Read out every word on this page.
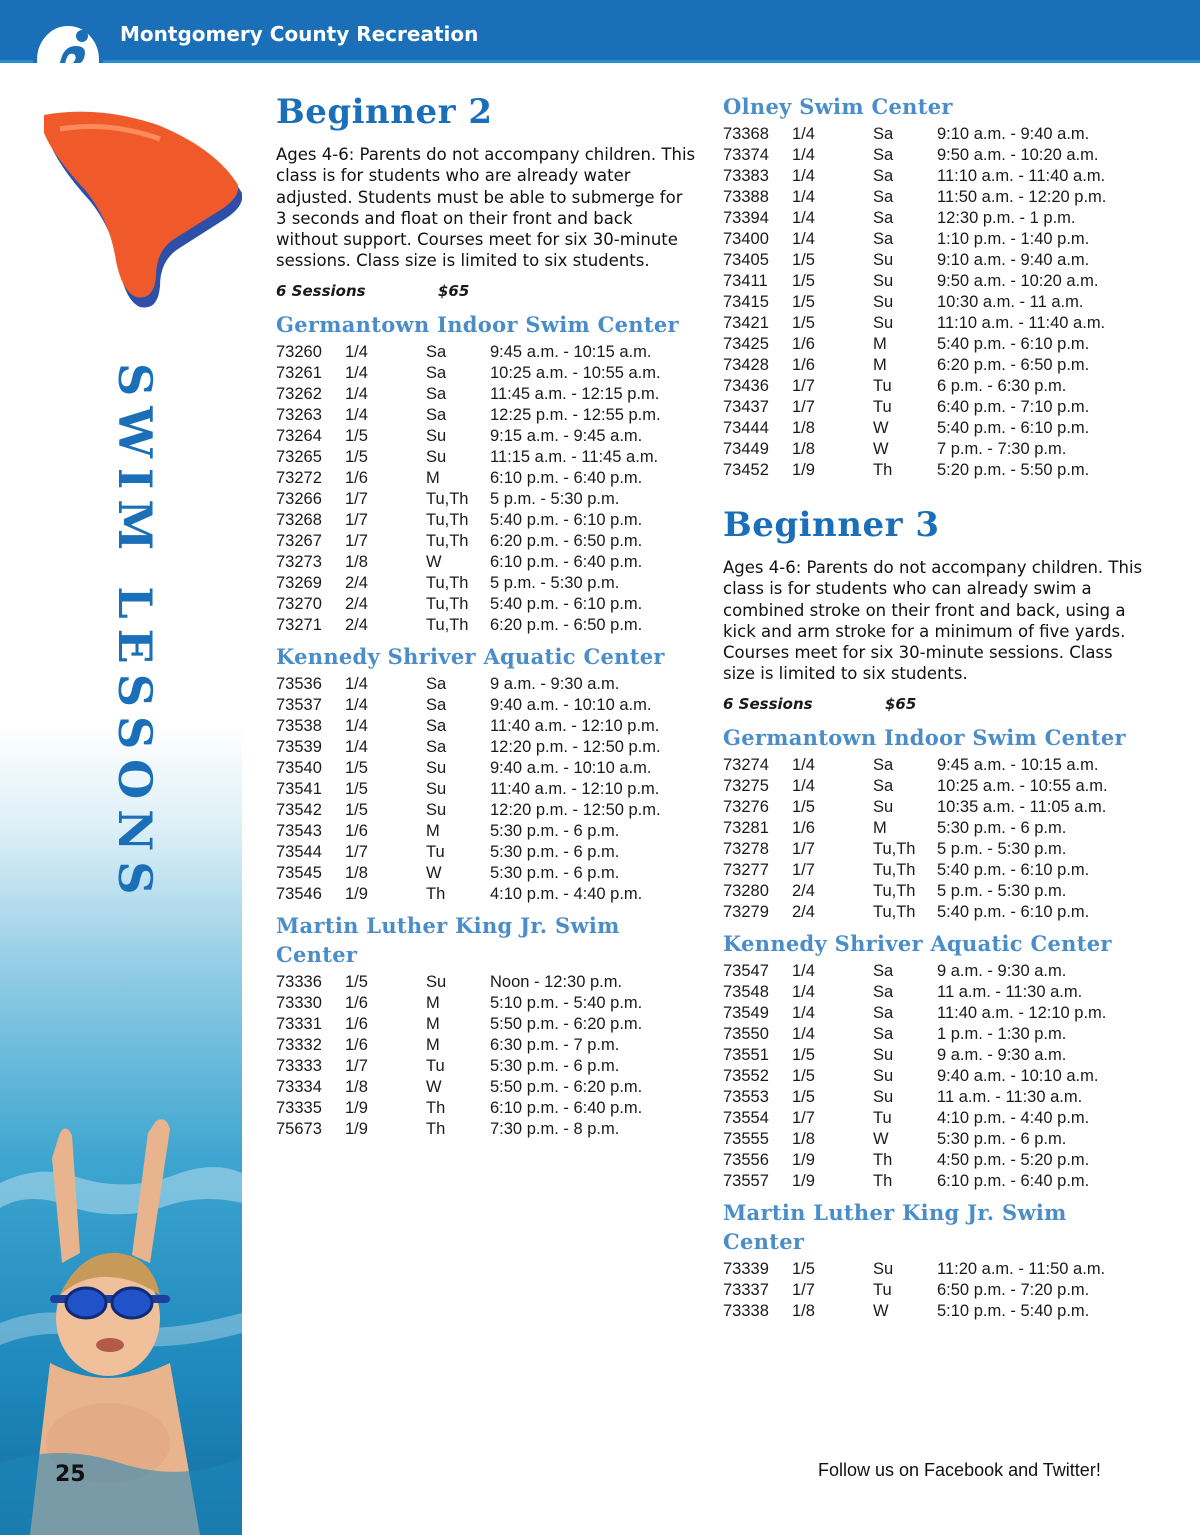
Montgomery County Recreation
SWIM LESSONS
25
Beginner 2

Ages 4-6: Parents do not accompany children. This class is for students who are already water adjusted. Students must be able to submerge for 3 seconds and float on their front and back without support. Courses meet for six 30-minute sessions. Class size is limited to six students.

6 Sessions	$65
Germantown Indoor Swim Center
73260	1/4	Sa	9:45 a.m. - 10:15 a.m.
73261	1/4	Sa	10:25 a.m. - 10:55 a.m.
73262	1/4	Sa	11:45 a.m. - 12:15 p.m.
73263	1/4	Sa	12:25 p.m. - 12:55 p.m.
73264	1/5	Su	9:15 a.m. - 9:45 a.m.
73265	1/5	Su	11:15 a.m. - 11:45 a.m.
73272	1/6	M	6:10 p.m. - 6:40 p.m.
73266	1/7	Tu,Th	5 p.m. - 5:30 p.m.
73268	1/7	Tu,Th	5:40 p.m. - 6:10 p.m.
73267	1/7	Tu,Th	6:20 p.m. - 6:50 p.m.
73273	1/8	W	6:10 p.m. - 6:40 p.m.
73269	2/4	Tu,Th	5 p.m. - 5:30 p.m.
73270	2/4	Tu,Th	5:40 p.m. - 6:10 p.m.
73271	2/4	Tu,Th	6:20 p.m. - 6:50 p.m.
Kennedy Shriver Aquatic Center
73536	1/4	Sa	9 a.m. - 9:30 a.m.
73537	1/4	Sa	9:40 a.m. - 10:10 a.m.
73538	1/4	Sa	11:40 a.m. - 12:10 p.m.
73539	1/4	Sa	12:20 p.m. - 12:50 p.m.
73540	1/5	Su	9:40 a.m. - 10:10 a.m.
73541	1/5	Su	11:40 a.m. - 12:10 p.m.
73542	1/5	Su	12:20 p.m. - 12:50 p.m.
73543	1/6	M	5:30 p.m. - 6 p.m.
73544	1/7	Tu	5:30 p.m. - 6 p.m.
73545	1/8	W	5:30 p.m. - 6 p.m.
73546	1/9	Th	4:10 p.m. - 4:40 p.m.
Martin Luther King Jr. Swim Center
73336	1/5	Su	Noon - 12:30 p.m.
73330	1/6	M	5:10 p.m. - 5:40 p.m.
73331	1/6	M	5:50 p.m. - 6:20 p.m.
73332	1/6	M	6:30 p.m. - 7 p.m.
73333	1/7	Tu	5:30 p.m. - 6 p.m.
73334	1/8	W	5:50 p.m. - 6:20 p.m.
73335	1/9	Th	6:10 p.m. - 6:40 p.m.
75673	1/9	Th	7:30 p.m. - 8 p.m.
Olney Swim Center
73368	1/4	Sa	9:10 a.m. - 9:40 a.m.
73374	1/4	Sa	9:50 a.m. - 10:20 a.m.
73383	1/4	Sa	11:10 a.m. - 11:40 a.m.
73388	1/4	Sa	11:50 a.m. - 12:20 p.m.
73394	1/4	Sa	12:30 p.m. - 1 p.m.
73400	1/4	Sa	1:10 p.m. - 1:40 p.m.
73405	1/5	Su	9:10 a.m. - 9:40 a.m.
73411	1/5	Su	9:50 a.m. - 10:20 a.m.
73415	1/5	Su	10:30 a.m. - 11 a.m.
73421	1/5	Su	11:10 a.m. - 11:40 a.m.
73425	1/6	M	5:40 p.m. - 6:10 p.m.
73428	1/6	M	6:20 p.m. - 6:50 p.m.
73436	1/7	Tu	6 p.m. - 6:30 p.m.
73437	1/7	Tu	6:40 p.m. - 7:10 p.m.
73444	1/8	W	5:40 p.m. - 6:10 p.m.
73449	1/8	W	7 p.m. - 7:30 p.m.
73452	1/9	Th	5:20 p.m. - 5:50 p.m.
Beginner 3

Ages 4-6: Parents do not accompany children. This class is for students who can already swim a combined stroke on their front and back, using a kick and arm stroke for a minimum of five yards. Courses meet for six 30-minute sessions. Class size is limited to six students.

6 Sessions	$65
Germantown Indoor Swim Center
73274	1/4	Sa	9:45 a.m. - 10:15 a.m.
73275	1/4	Sa	10:25 a.m. - 10:55 a.m.
73276	1/5	Su	10:35 a.m. - 11:05 a.m.
73281	1/6	M	5:30 p.m. - 6 p.m.
73278	1/7	Tu,Th	5 p.m. - 5:30 p.m.
73277	1/7	Tu,Th	5:40 p.m. - 6:10 p.m.
73280	2/4	Tu,Th	5 p.m. - 5:30 p.m.
73279	2/4	Tu,Th	5:40 p.m. - 6:10 p.m.
Kennedy Shriver Aquatic Center
73547	1/4	Sa	9 a.m. - 9:30 a.m.
73548	1/4	Sa	11 a.m. - 11:30 a.m.
73549	1/4	Sa	11:40 a.m. - 12:10 p.m.
73550	1/4	Sa	1 p.m. - 1:30 p.m.
73551	1/5	Su	9 a.m. - 9:30 a.m.
73552	1/5	Su	9:40 a.m. - 10:10 a.m.
73553	1/5	Su	11 a.m. - 11:30 a.m.
73554	1/7	Tu	4:10 p.m. - 4:40 p.m.
73555	1/8	W	5:30 p.m. - 6 p.m.
73556	1/9	Th	4:50 p.m. - 5:20 p.m.
73557	1/9	Th	6:10 p.m. - 6:40 p.m.
Martin Luther King Jr. Swim Center
73339	1/5	Su	11:20 a.m. - 11:50 a.m.
73337	1/7	Tu	6:50 p.m. - 7:20 p.m.
73338	1/8	W	5:10 p.m. - 5:40 p.m.
Follow us on Facebook and Twitter!
